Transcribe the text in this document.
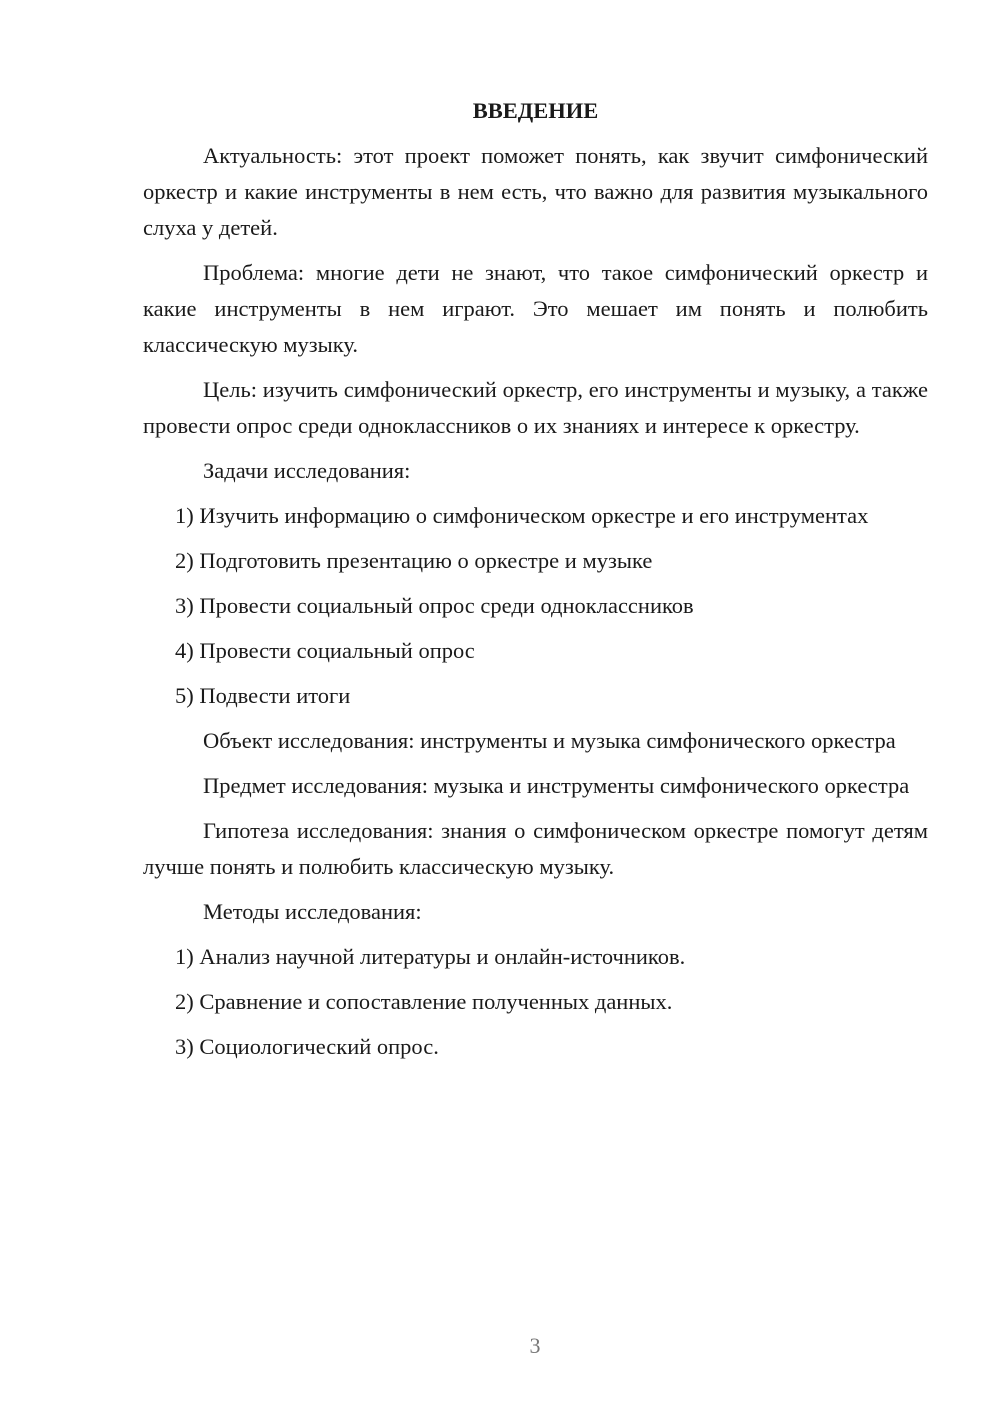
ВВЕДЕНИЕ

Актуальность: этот проект поможет понять, как звучит симфонический оркестр и какие инструменты в нем есть, что важно для развития музыкального слуха у детей.

Проблема: многие дети не знают, что такое симфонический оркестр и какие инструменты в нем играют. Это мешает им понять и полюбить классическую музыку.

Цель: изучить симфонический оркестр, его инструменты и музыку, а также провести опрос среди одноклассников о их знаниях и интересе к оркестру.

Задачи исследования:

1) Изучить информацию о симфоническом оркестре и его инструментах

2) Подготовить презентацию о оркестре и музыке

3) Провести социальный опрос среди одноклассников

4) Провести социальный опрос

5) Подвести итоги

Объект исследования: инструменты и музыка симфонического оркестра

Предмет исследования: музыка и инструменты симфонического оркестра

Гипотеза исследования: знания о симфоническом оркестре помогут детям лучше понять и полюбить классическую музыку.

Методы исследования:

1) Анализ научной литературы и онлайн-источников.

2) Сравнение и сопоставление полученных данных.

3) Социологический опрос.

3
